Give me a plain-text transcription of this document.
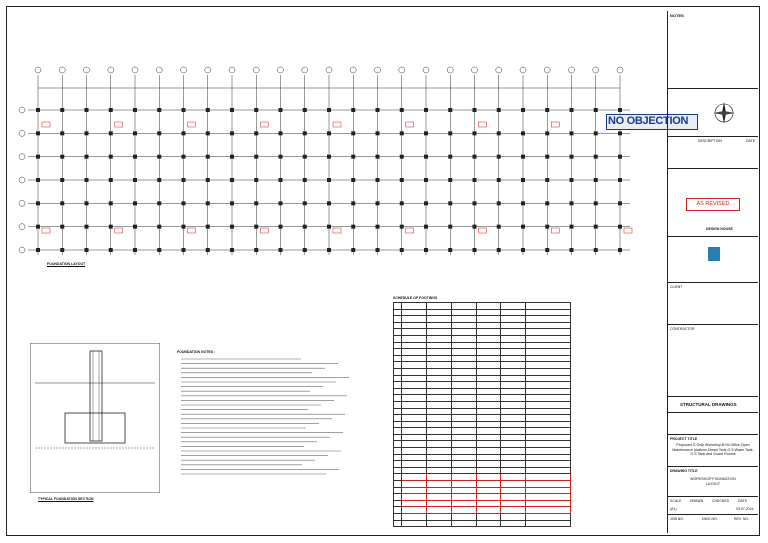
FOUNDATION LAYOUT
TYPICAL FOUNDATION SECTION
FOUNDATION NOTES :
SCHEDULE OF FOOTINGS

NO OBJECTION
NOTES
DESCRIPTION	DATE
DESIGN HOUSE
CLIENT
CONTRACTOR
STRUCTURAL DRAWINGS
PROJECT TITLE
Proposed G Only Workshop,B+M Office,Open Maintenance platform,Diesel Tank,G.S Water Tank, G.S Tank and Guard Rooms
DRAWING TITLE
WORKSHOP FOUNDATION LAYOUT
SCALE DRAWN	CHECKED	DATE
(A1)	03.07.2024
JOB NO.	DWG NO.	REV. NO.
AS REVISED
